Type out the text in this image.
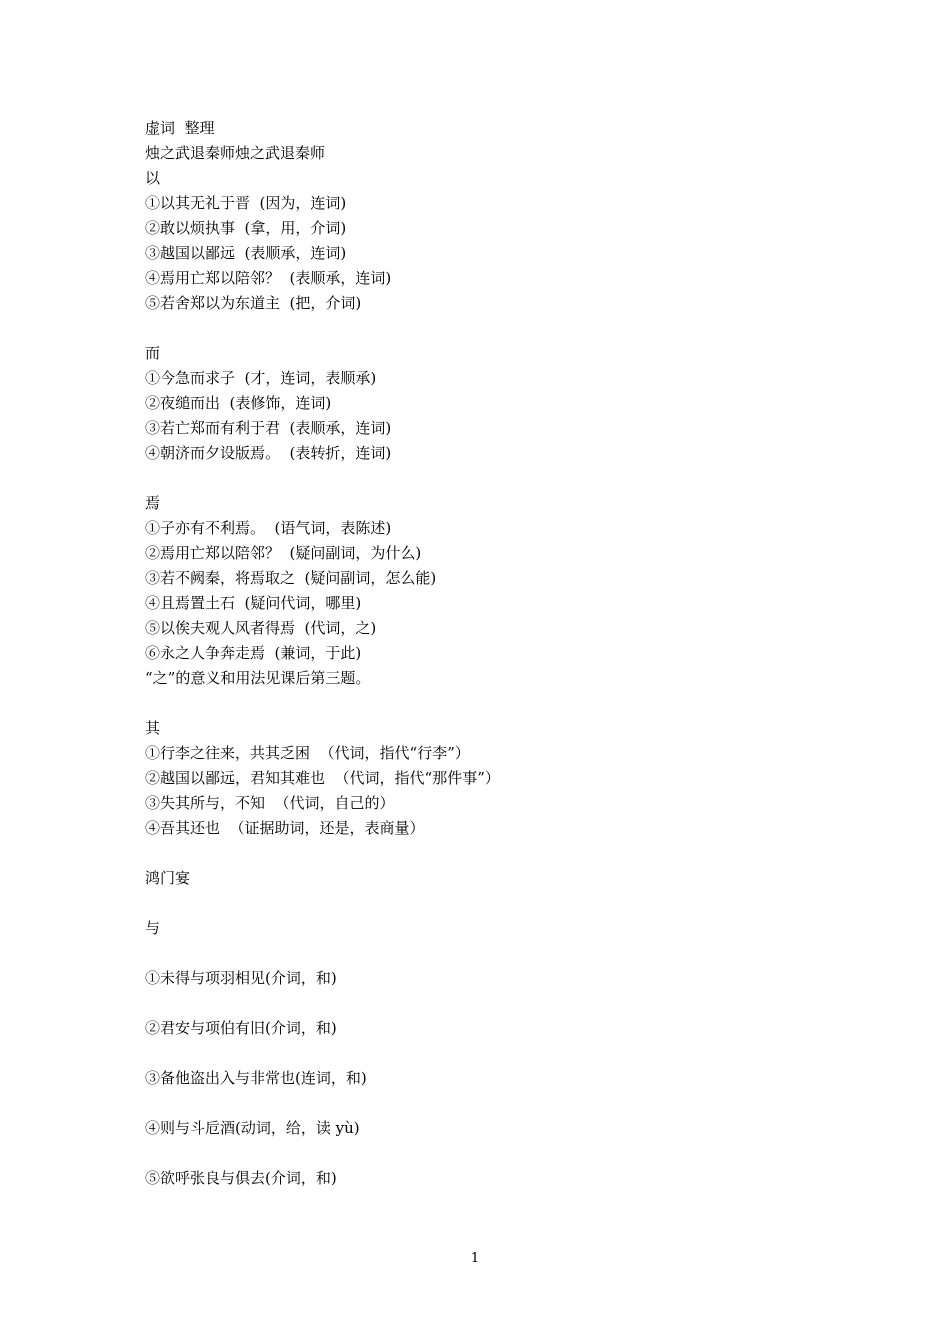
虚词  整理
烛之武退秦师烛之武退秦师
以
①以其无礼于晋  (因为，连词)
②敢以烦执事  (拿，用，介词)
③越国以鄙远  (表顺承，连词)
④焉用亡郑以陪邻？  (表顺承，连词)
⑤若舍郑以为东道主  (把，介词)
而
①今急而求子  (才，连词，表顺承)
②夜缒而出  (表修饰，连词)
③若亡郑而有利于君  (表顺承，连词)
④朝济而夕设版焉。  (表转折，连词)
焉
①子亦有不利焉。  (语气词，表陈述)
②焉用亡郑以陪邻？  (疑问副词，为什么)
③若不阙秦，将焉取之  (疑问副词，怎么能)
④且焉置土石  (疑问代词，哪里)
⑤以俟夫观人风者得焉  (代词，之)
⑥永之人争奔走焉  (兼词，于此)
“之”的意义和用法见课后第三题。
其
①行李之往来，共其乏困  （代词，指代“行李”）
②越国以鄙远，君知其难也  （代词，指代“那件事”）
③失其所与，不知  （代词，自己的）
④吾其还也  （证据助词，还是，表商量）
鸿门宴
与
①未得与项羽相见(介词，和)
②君安与项伯有旧(介词，和)
③备他盗出入与非常也(连词，和)
④则与斗卮酒(动词，给，读 yù)
⑤欲呼张良与俱去(介词，和)
1
